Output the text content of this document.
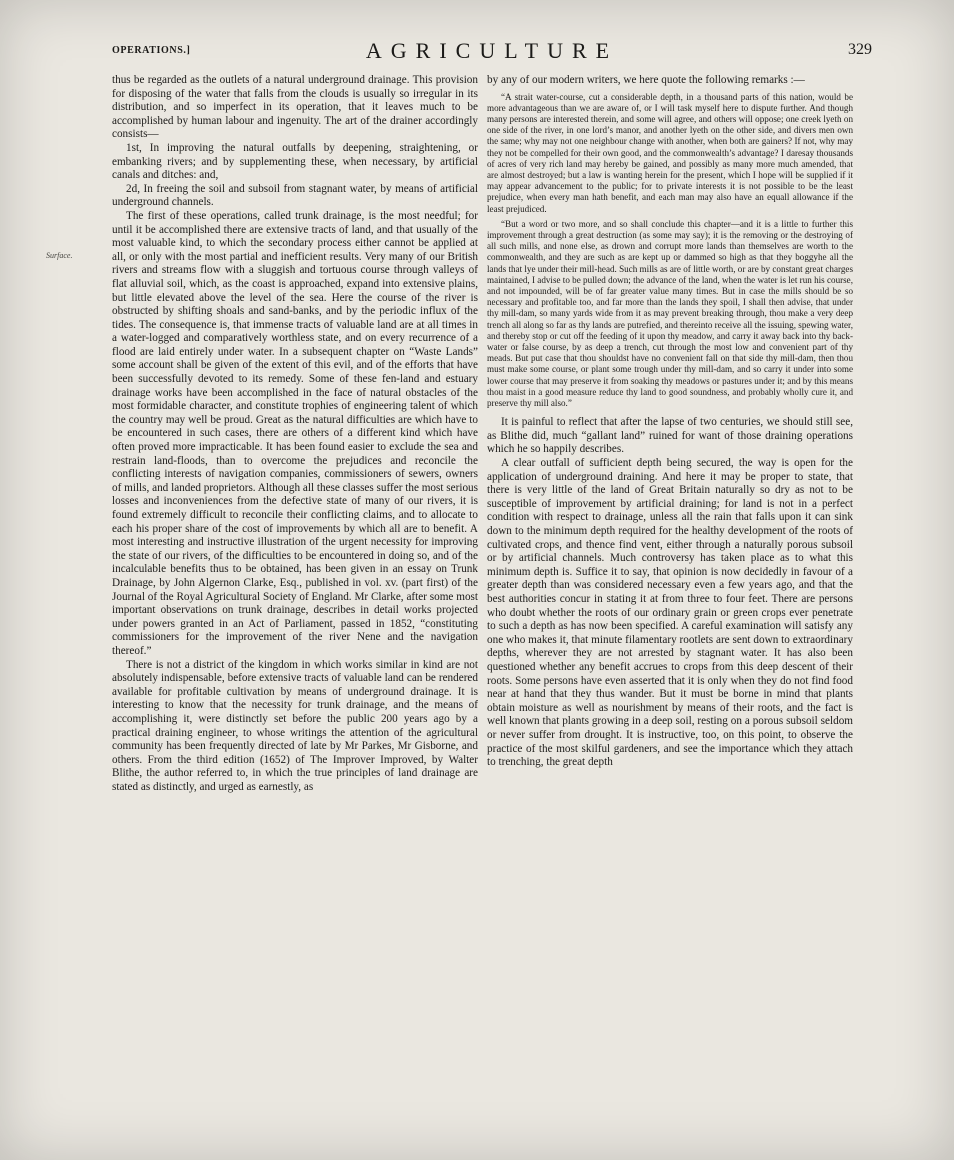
OPERATIONS.]	AGRICULTURE	329
Surface.

thus be regarded as the outlets of a natural underground drainage. This provision for disposing of the water that falls from the clouds is usually so irregular in its distribution, and so imperfect in its operation, that it leaves much to be accomplished by human labour and ingenuity. The art of the drainer accordingly consists—

1st, In improving the natural outfalls by deepening, straightening, or embanking rivers; and by supplementing these, when necessary, by artificial canals and ditches: and,

2d, In freeing the soil and subsoil from stagnant water, by means of artificial underground channels.

The first of these operations, called trunk drainage, is the most needful; for until it be accomplished there are extensive tracts of land, and that usually of the most valuable kind, to which the secondary process either cannot be applied at all, or only with the most partial and inefficient results. Very many of our British rivers and streams flow with a sluggish and tortuous course through valleys of flat alluvial soil, which, as the coast is approached, expand into extensive plains, but little elevated above the level of the sea. Here the course of the river is obstructed by shifting shoals and sand-banks, and by the periodic influx of the tides. The consequence is, that immense tracts of valuable land are at all times in a water-logged and comparatively worthless state, and on every recurrence of a flood are laid entirely under water. In a subsequent chapter on “Waste Lands” some account shall be given of the extent of this evil, and of the efforts that have been successfully devoted to its remedy. Some of these fen-land and estuary drainage works have been accomplished in the face of natural obstacles of the most formidable character, and constitute trophies of engineering talent of which the country may well be proud. Great as the natural difficulties are which have to be encountered in such cases, there are others of a different kind which have often proved more impracticable. It has been found easier to exclude the sea and restrain land-floods, than to overcome the prejudices and reconcile the conflicting interests of navigation companies, commissioners of sewers, owners of mills, and landed proprietors. Although all these classes suffer the most serious losses and inconveniences from the defective state of many of our rivers, it is found extremely difficult to reconcile their conflicting claims, and to allocate to each his proper share of the cost of improvements by which all are to benefit. A most interesting and instructive illustration of the urgent necessity for improving the state of our rivers, of the difficulties to be encountered in doing so, and of the incalculable benefits thus to be obtained, has been given in an essay on Trunk Drainage, by John Algernon Clarke, Esq., published in vol. xv. (part first) of the Journal of the Royal Agricultural Society of England. Mr Clarke, after some most important observations on trunk drainage, describes in detail works projected under powers granted in an Act of Parliament, passed in 1852, “constituting commissioners for the improvement of the river Nene and the navigation thereof.”

There is not a district of the kingdom in which works similar in kind are not absolutely indispensable, before extensive tracts of valuable land can be rendered available for profitable cultivation by means of underground drainage. It is interesting to know that the necessity for trunk drainage, and the means of accomplishing it, were distinctly set before the public 200 years ago by a practical draining engineer, to whose writings the attention of the agricultural community has been frequently directed of late by Mr Parkes, Mr Gisborne, and others. From the third edition (1652) of The Improver Improved, by Walter Blithe, the author referred to, in which the true principles of land drainage are stated as distinctly, and urged as earnestly, as

by any of our modern writers, we here quote the following remarks :—

“A strait water-course, cut a considerable depth, in a thousand parts of this nation, would be more advantageous than we are aware of, or I will task myself here to dispute further. And though many persons are interested therein, and some will agree, and others will oppose; one creek lyeth on one side of the river, in one lord’s manor, and another lyeth on the other side, and divers men own the same; why may not one neighbour change with another, when both are gainers? If not, why may they not be compelled for their own good, and the commonwealth’s advantage? I daresay thousands of acres of very rich land may hereby be gained, and possibly as many more much amended, that are almost destroyed; but a law is wanting herein for the present, which I hope will be supplied if it may appear advancement to the public; for to private interests it is not possible to be the least prejudice, when every man hath benefit, and each man may also have an equall allowance if the least prejudiced.

“But a word or two more, and so shall conclude this chapter—and it is a little to further this improvement through a great destruction (as some may say); it is the removing or the destroying of all such mills, and none else, as drown and corrupt more lands than themselves are worth to the commonwealth, and they are such as are kept up or dammed so high as that they boggyhe all the lands that lye under their mill-head. Such mills as are of little worth, or are by constant great charges maintained, I advise to be pulled down; the advance of the land, when the water is let run his course, and not impounded, will be of far greater value many times. But in case the mills should be so necessary and profitable too, and far more than the lands they spoil, I shall then advise, that under thy mill-dam, so many yards wide from it as may prevent breaking through, thou make a very deep trench all along so far as thy lands are putrefied, and thereinto receive all the issuing, spewing water, and thereby stop or cut off the feeding of it upon thy meadow, and carry it away back into thy back-water or false course, by as deep a trench, cut through the most low and convenient part of thy meads. But put case that thou shouldst have no convenient fall on that side thy mill-dam, then thou must make some course, or plant some trough under thy mill-dam, and so carry it under into some lower course that may preserve it from soaking thy meadows or pastures under it; and by this means thou maist in a good measure reduce thy land to good soundness, and probably wholly cure it, and preserve thy mill also.”

It is painful to reflect that after the lapse of two centuries, we should still see, as Blithe did, much “gallant land” ruined for want of those draining operations which he so happily describes.

A clear outfall of sufficient depth being secured, the way is open for the application of underground draining. And here it may be proper to state, that there is very little of the land of Great Britain naturally so dry as not to be susceptible of improvement by artificial draining; for land is not in a perfect condition with respect to drainage, unless all the rain that falls upon it can sink down to the minimum depth required for the healthy development of the roots of cultivated crops, and thence find vent, either through a naturally porous subsoil or by artificial channels. Much controversy has taken place as to what this minimum depth is. Suffice it to say, that opinion is now decidedly in favour of a greater depth than was considered necessary even a few years ago, and that the best authorities concur in stating it at from three to four feet. There are persons who doubt whether the roots of our ordinary grain or green crops ever penetrate to such a depth as has now been specified. A careful examination will satisfy any one who makes it, that minute filamentary rootlets are sent down to extraordinary depths, wherever they are not arrested by stagnant water. It has also been questioned whether any benefit accrues to crops from this deep descent of their roots. Some persons have even asserted that it is only when they do not find food near at hand that they thus wander. But it must be borne in mind that plants obtain moisture as well as nourishment by means of their roots, and the fact is well known that plants growing in a deep soil, resting on a porous subsoil seldom or never suffer from drought. It is instructive, too, on this point, to observe the practice of the most skilful gardeners, and see the importance which they attach to trenching, the great depth
